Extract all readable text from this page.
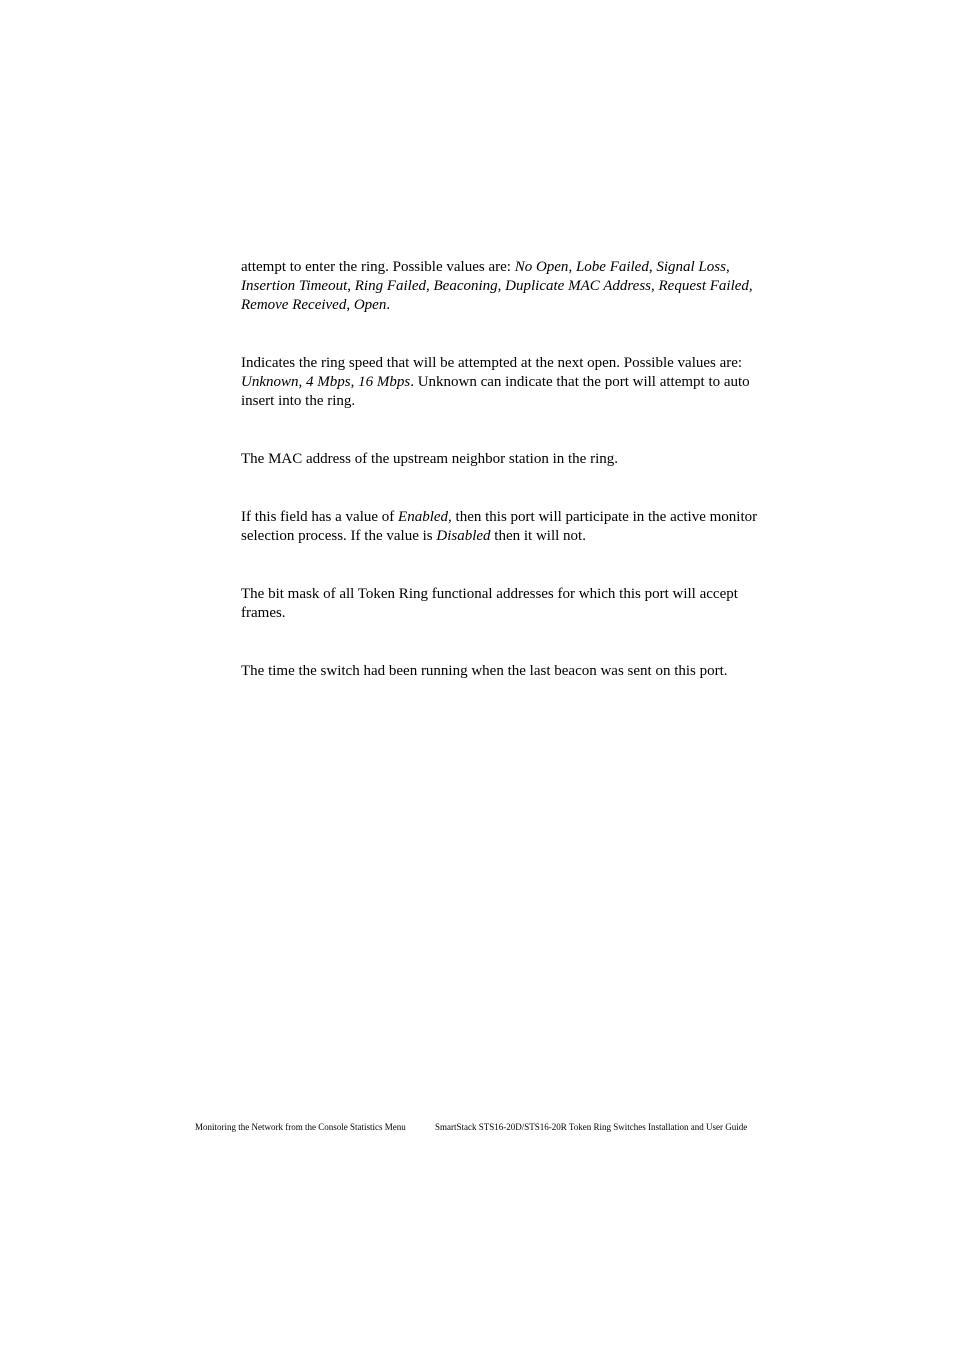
attempt to enter the ring. Possible values are: No Open, Lobe Failed, Signal Loss, Insertion Timeout, Ring Failed, Beaconing, Duplicate MAC Address, Request Failed, Remove Received, Open.

Indicates the ring speed that will be attempted at the next open. Possible values are: Unknown, 4 Mbps, 16 Mbps. Unknown can indicate that the port will attempt to auto insert into the ring.

The MAC address of the upstream neighbor station in the ring.

If this field has a value of Enabled, then this port will participate in the active monitor selection process. If the value is Disabled then it will not.

The bit mask of all Token Ring functional addresses for which this port will accept frames.

The time the switch had been running when the last beacon was sent on this port.

Monitoring the Network from the Console Statistics Menu	SmartStack STS16-20D/STS16-20R Token Ring Switches Installation and User Guide
